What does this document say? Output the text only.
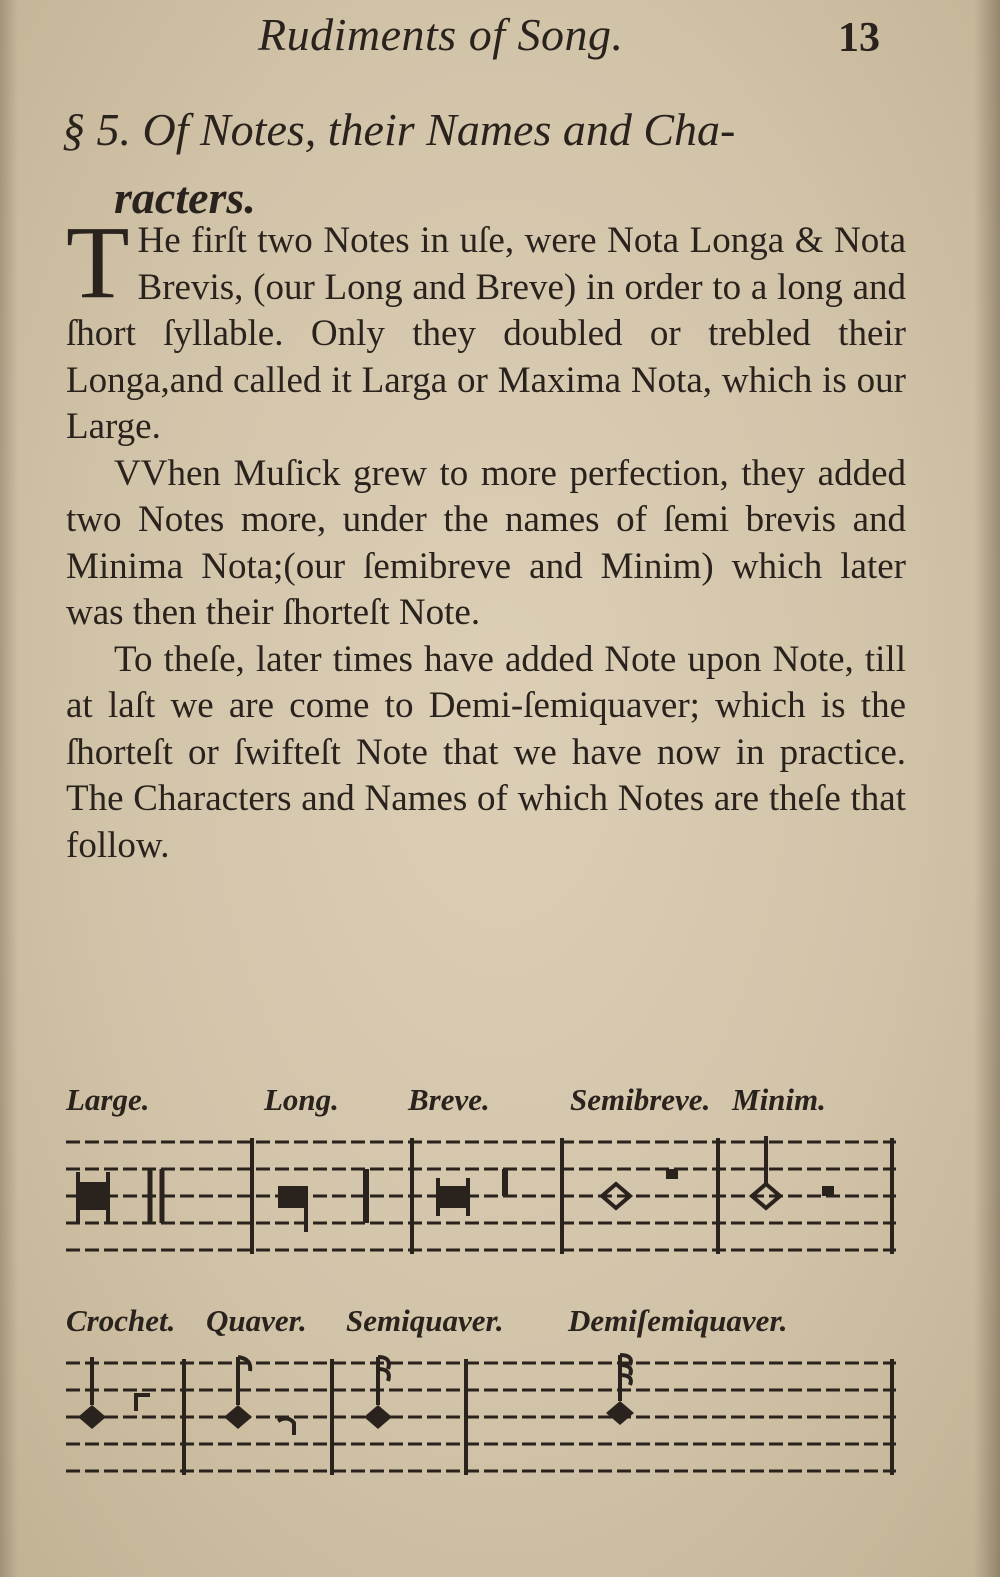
Rudiments of Song.	13
§ 5. Of Notes, their Names and Cha-
racters.

T He firſt two Notes in uſe, were Nota Longa & Nota Brevis, (our Long and Breve) in order to a long and ſhort ſyllable. Only they doubled or trebled their Longa,and called it Larga or Maxima Nota, which is our Large.

VVhen Muſick grew to more perfection, they added two Notes more, under the names of ſemi brevis and Minima Nota;(our ſemibreve and Minim) which later was then their ſhorteſt Note.

To theſe, later times have added Note upon Note, till at laſt we are come to Demi-ſemiquaver; which is the ſhorteſt or ſwifteſt Note that we have now in practice. The Characters and Names of which Notes are theſe that follow.

Large.	Long. Breve.	Semibreve. Minim.
Crochet. Quaver. Semiquaver. Demiſemiquaver.
